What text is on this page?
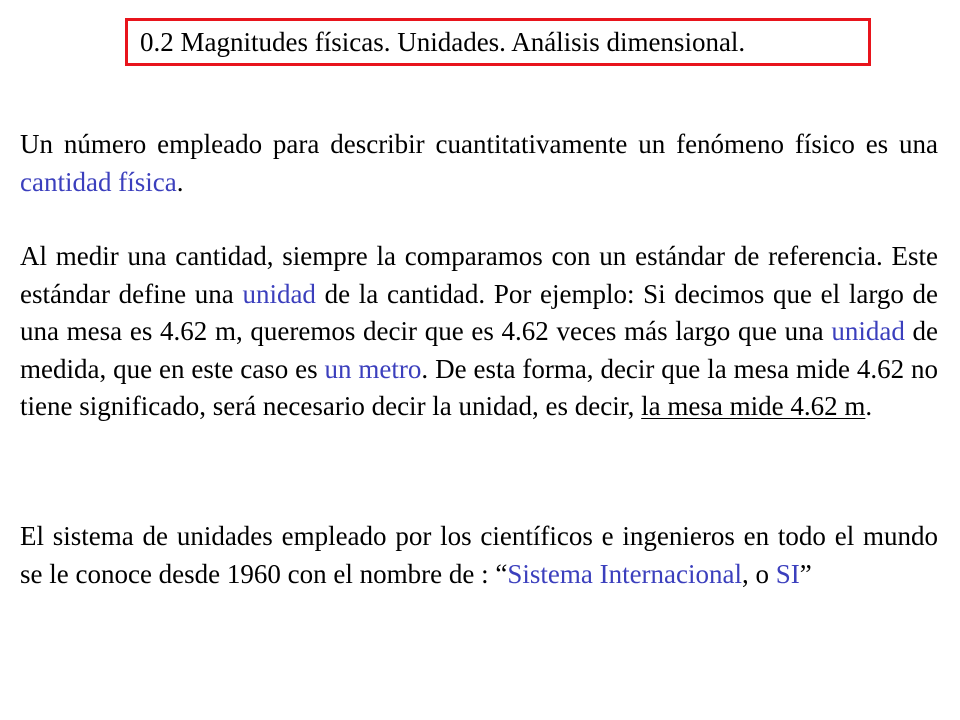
0.2 Magnitudes físicas. Unidades. Análisis dimensional.

Un número empleado para describir cuantitativamente un fenómeno físico es una cantidad física.

Al medir una cantidad, siempre la comparamos con un estándar de referencia. Este estándar define una unidad de la cantidad. Por ejemplo: Si decimos que el largo de una mesa es 4.62 m, queremos decir que es 4.62 veces más largo que una unidad de medida, que en este caso es un metro. De esta forma, decir que la mesa mide 4.62 no tiene significado, será necesario decir la unidad, es decir, la mesa mide 4.62 m.

El sistema de unidades empleado por los científicos e ingenieros en todo el mundo se le conoce desde 1960 con el nombre de : “Sistema Internacional, o SI”
